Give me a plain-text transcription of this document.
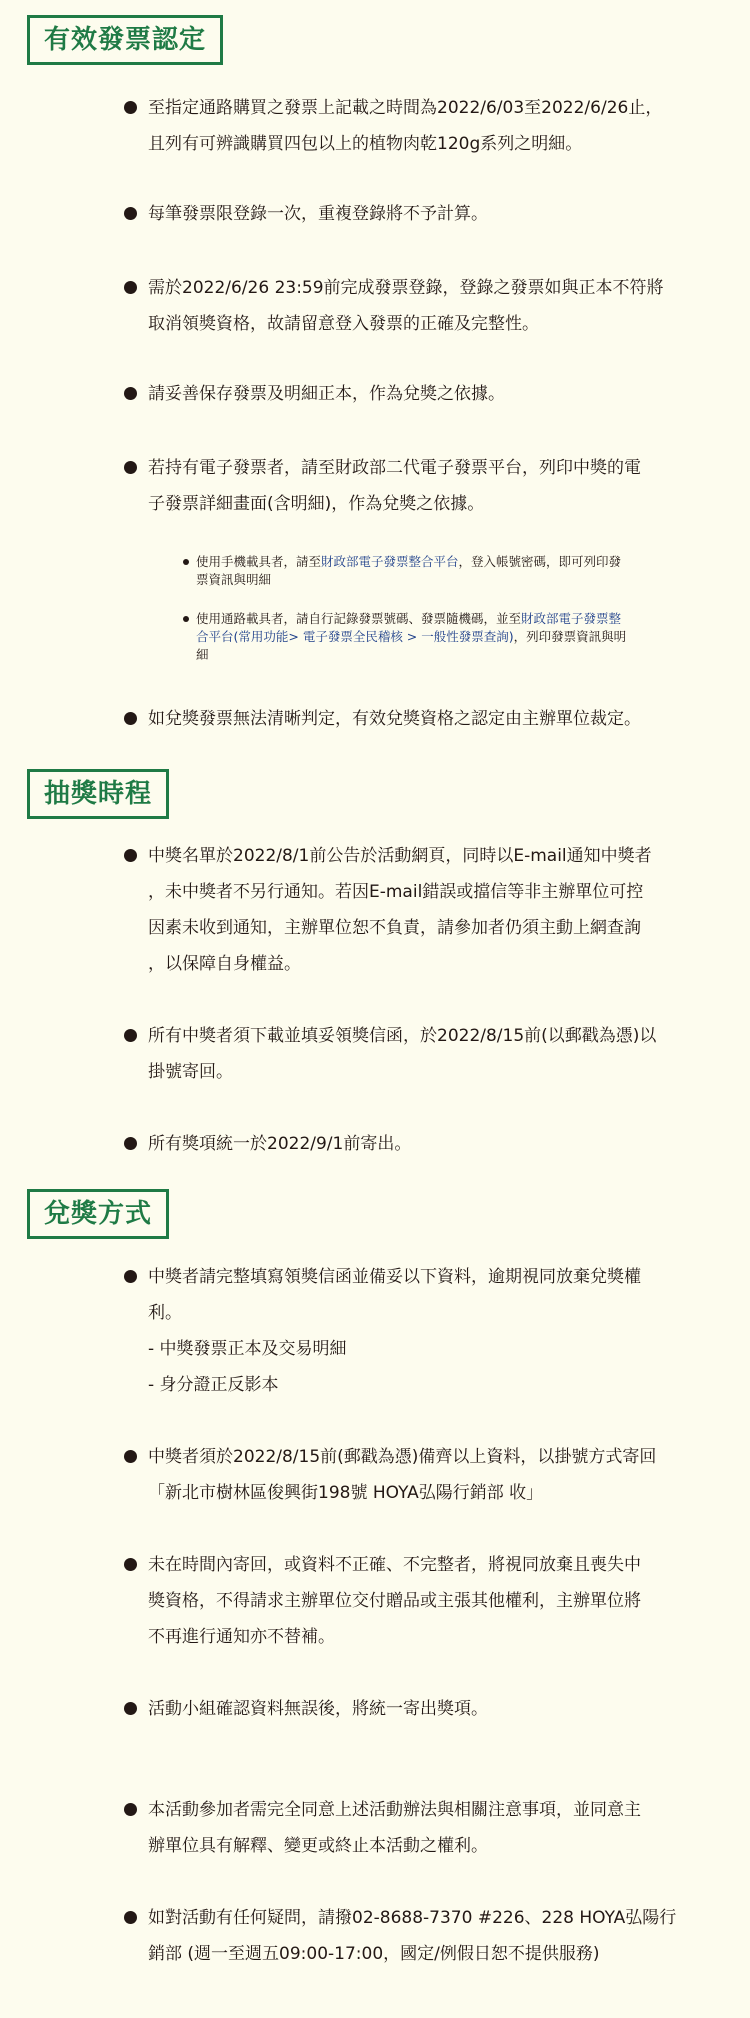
有效發票認定
至指定通路購買之發票上記載之時間為2022/6/03至2022/6/26止，
且列有可辨識購買四包以上的植物肉乾120g系列之明細。
每筆發票限登錄一次，重複登錄將不予計算。
需於2022/6/26 23:59前完成發票登錄，登錄之發票如與正本不符將
取消領獎資格，故請留意登入發票的正確及完整性。
請妥善保存發票及明細正本，作為兌獎之依據。
若持有電子發票者，請至財政部二代電子發票平台，列印中獎的電
子發票詳細畫面(含明細)，作為兌獎之依據。
使用手機載具者，請至財政部電子發票整合平台，登入帳號密碼，即可列印發
票資訊與明細
使用通路載具者，請自行記錄發票號碼、發票隨機碼，並至財政部電子發票整
合平台(常用功能> 電子發票全民稽核 > 一般性發票查詢)，列印發票資訊與明
細
如兌獎發票無法清晰判定，有效兌獎資格之認定由主辦單位裁定。
抽獎時程
中獎名單於2022/8/1前公告於活動網頁，同時以E-mail通知中獎者
，未中獎者不另行通知。若因E-mail錯誤或擋信等非主辦單位可控
因素未收到通知，主辦單位恕不負責，請參加者仍須主動上網查詢
，以保障自身權益。
所有中獎者須下載並填妥領獎信函，於2022/8/15前(以郵戳為憑)以
掛號寄回。
所有獎項統一於2022/9/1前寄出。
兌獎方式
中獎者請完整填寫領獎信函並備妥以下資料，逾期視同放棄兌獎權
利。
- 中獎發票正本及交易明細
- 身分證正反影本
中獎者須於2022/8/15前(郵戳為憑)備齊以上資料，以掛號方式寄回
「新北市樹林區俊興街198號 HOYA弘陽行銷部 收」
未在時間內寄回，或資料不正確、不完整者，將視同放棄且喪失中
獎資格，不得請求主辦單位交付贈品或主張其他權利，主辦單位將
不再進行通知亦不替補。
活動小組確認資料無誤後，將統一寄出獎項。
本活動參加者需完全同意上述活動辦法與相關注意事項，並同意主
辦單位具有解釋、變更或終止本活動之權利。
如對活動有任何疑問，請撥02-8688-7370 #226、228 HOYA弘陽行
銷部 (週一至週五09:00-17:00，國定/例假日恕不提供服務)
